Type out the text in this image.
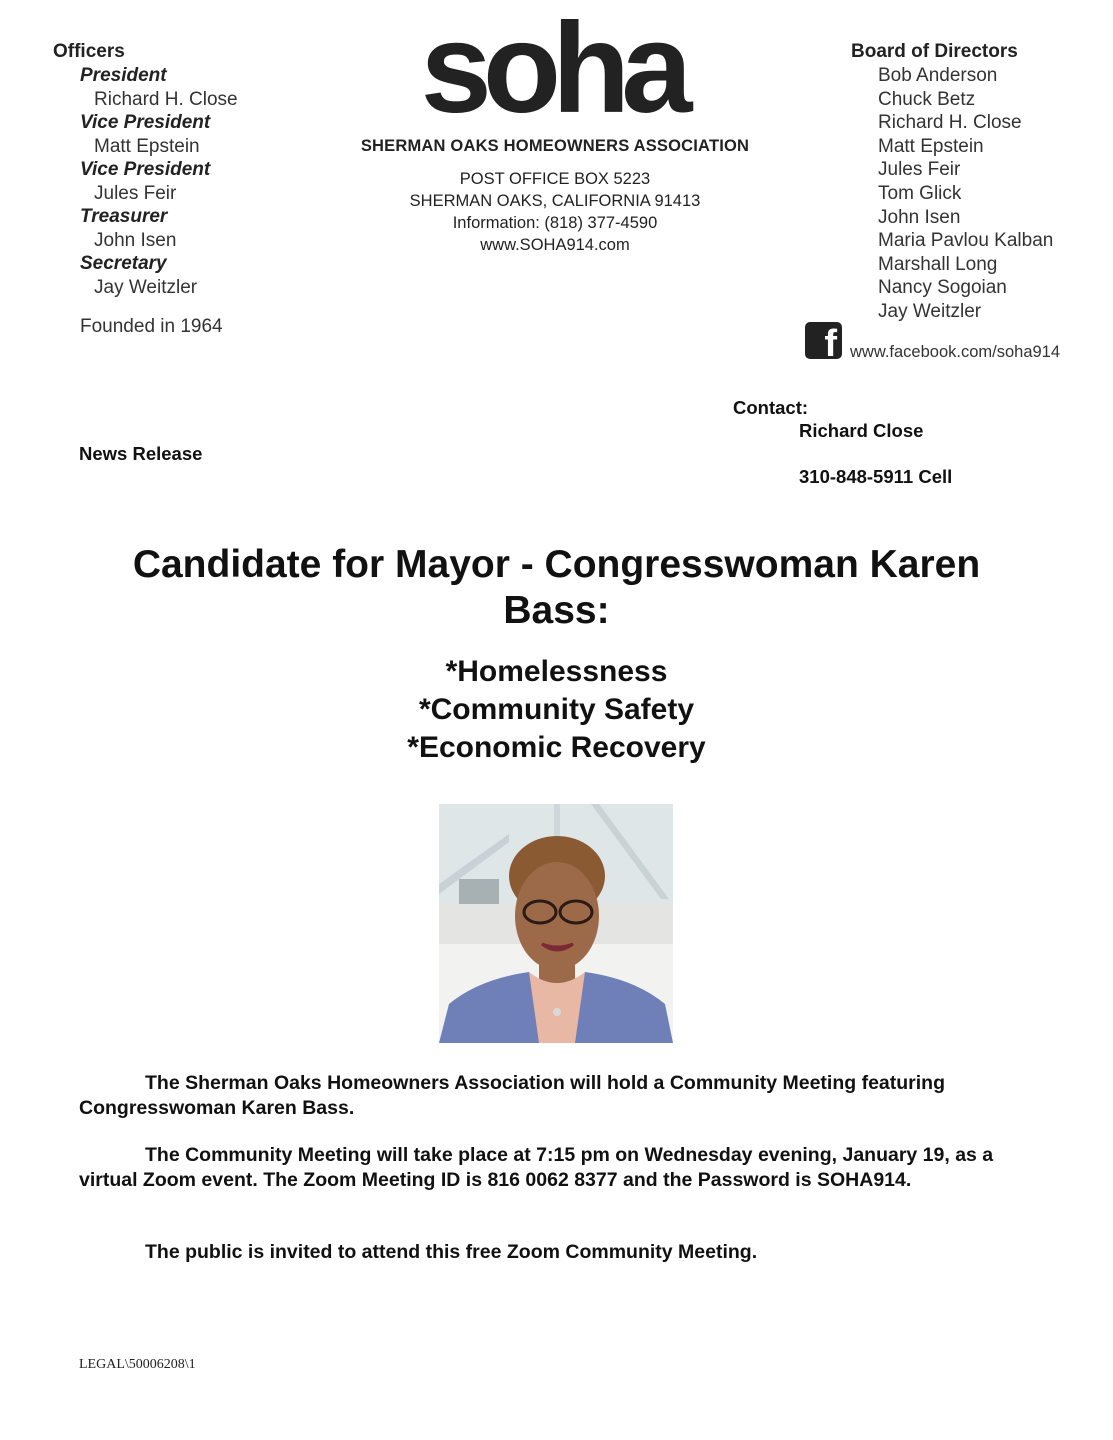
Officers
President
Richard H. Close
Vice President
Matt Epstein
Vice President
Jules Feir
Treasurer
John Isen
Secretary
Jay Weitzler
Founded in 1964
soha
SHERMAN OAKS HOMEOWNERS ASSOCIATION
POST OFFICE BOX 5223
SHERMAN OAKS, CALIFORNIA 91413
Information: (818) 377-4590
www.SOHA914.com
Board of Directors
Bob Anderson
Chuck Betz
Richard H. Close
Matt Epstein
Jules Feir
Tom Glick
John Isen
Maria Pavlou Kalban
Marshall Long
Nancy Sogoian
Jay Weitzler
f www.facebook.com/soha914
Contact:
Richard Close
310-848-5911 Cell
News Release
Candidate for Mayor - Congresswoman Karen Bass:
*Homelessness
*Community Safety
*Economic Recovery
The Sherman Oaks Homeowners Association will hold a Community Meeting featuring Congresswoman Karen Bass.
The Community Meeting will take place at 7:15 pm on Wednesday evening, January 19, as a virtual Zoom event. The Zoom Meeting ID is 816 0062 8377 and the Password is SOHA914.
The public is invited to attend this free Zoom Community Meeting.
LEGAL\50006208\1
